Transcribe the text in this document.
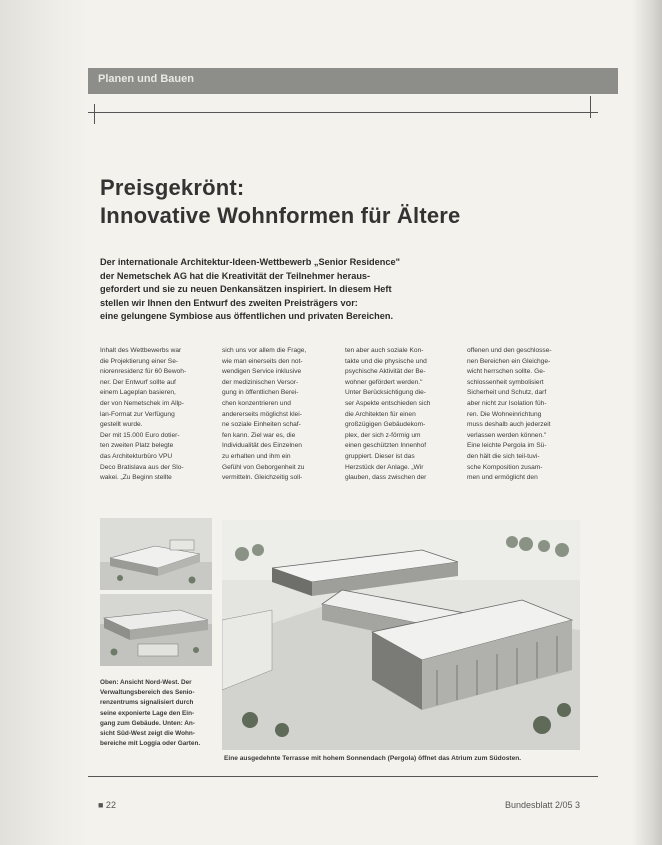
Planen und Bauen
Preisgekrönt:
Innovative Wohnformen für Ältere
Der internationale Architektur-Ideen-Wettbewerb „Senior Residence"
der Nemetschek AG hat die Kreativität der Teilnehmer heraus-
gefordert und sie zu neuen Denkansätzen inspiriert. In diesem Heft
stellen wir Ihnen den Entwurf des zweiten Preisträgers vor:
eine gelungene Symbiose aus öffentlichen und privaten Bereichen.
Inhalt des Wettbewerbs war
die Projektierung einer Se-
niorenresidenz für 60 Bewoh-
ner. Der Entwurf sollte auf
einem Lageplan basieren,
der von Nemetschek im Allp-
lan-Format zur Verfügung
gestellt wurde.
Der mit 15.000 Euro dotier-
ten zweiten Platz belegte
das Architekturbüro VPU
Deco Bratislava aus der Slo-
wakei. „Zu Beginn stellte
sich uns vor allem die Frage,
wie man einerseits den not-
wendigen Service inklusive
der medizinischen Versor-
gung in öffentlichen Berei-
chen konzentrieren und
andererseits möglichst klei-
ne soziale Einheiten schaf-
fen kann. Ziel war es, die
Individualität des Einzelnen
zu erhalten und ihm ein
Gefühl von Geborgenheit zu
vermitteln. Gleichzeitig soll-
ten aber auch soziale Kon-
takte und die physische und
psychische Aktivität der Be-
wohner gefördert werden."
Unter Berücksichtigung die-
ser Aspekte entschieden sich
die Architekten für einen
großzügigen Gebäudekom-
plex, der sich z-förmig um
einen geschützten Innenhof
gruppiert. Dieser ist das
Herzstück der Anlage. „Wir
glauben, dass zwischen der
offenen und den geschlosse-
nen Bereichen ein Gleichge-
wicht herrschen sollte. Ge-
schlossenheit symbolisiert
Sicherheit und Schutz, darf
aber nicht zur Isolation füh-
ren. Die Wohneinrichtung
muss deshalb auch jederzeit
verlassen werden können."
Eine leichte Pergola im Sü-
den hält die sich teil-tuvi-
sche Komposition zusam-
men und ermöglicht den
Oben: Ansicht Nord-West. Der
Verwaltungsbereich des Senio-
renzentrums signalisiert durch
seine exponierte Lage den Ein-
gang zum Gebäude. Unten: An-
sicht Süd-West zeigt die Wohn-
bereiche mit Loggia oder Garten.
Eine ausgedehnte Terrasse mit hohem Sonnendach (Pergola) öffnet das Atrium zum Südosten.
■ 22	Bundesblatt 2/05 3
